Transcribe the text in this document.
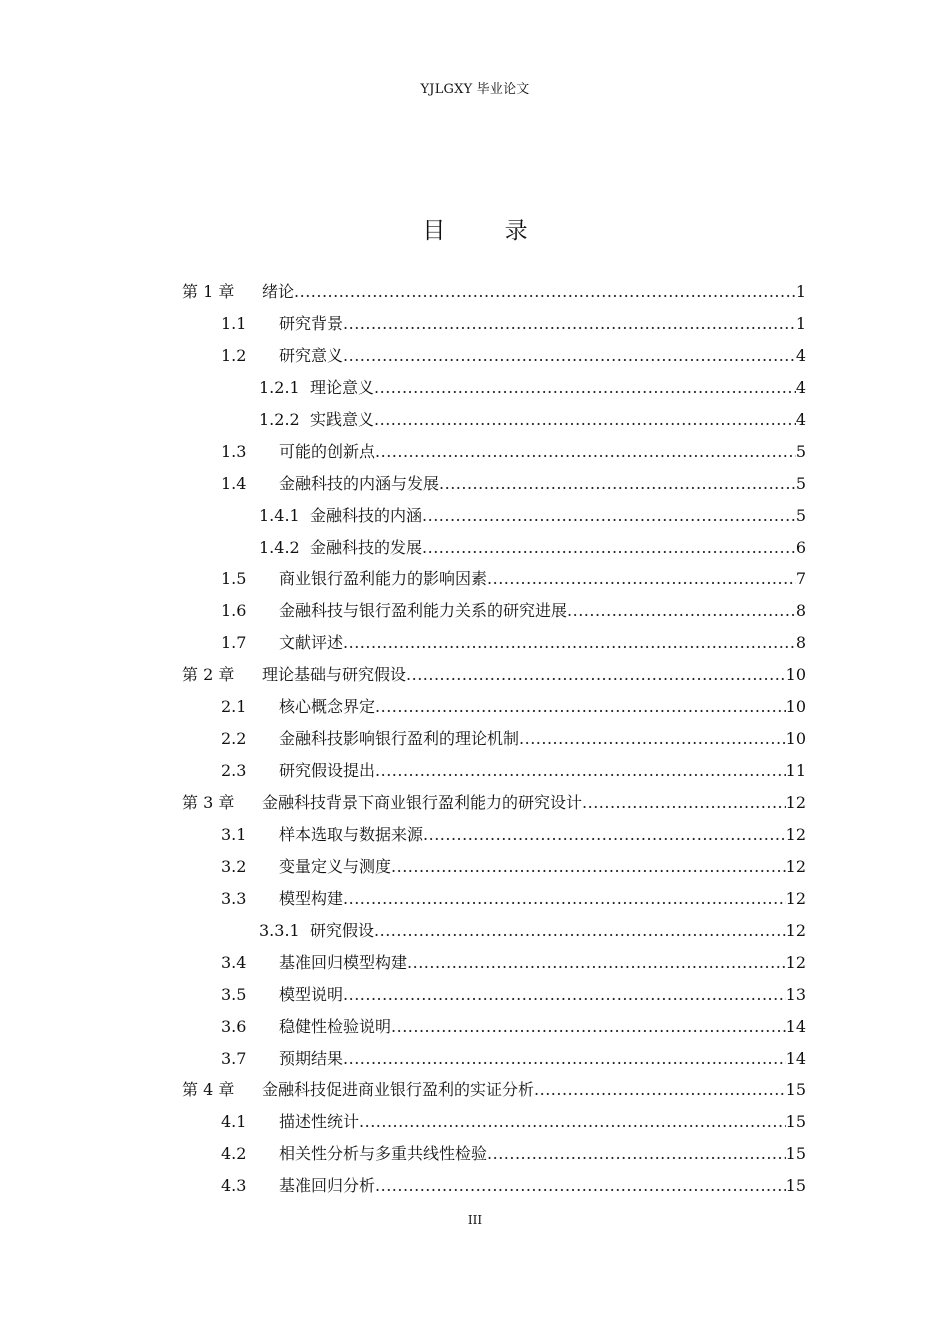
YJLGXY 毕业论文
目 录
第 1 章	绪论 .....	1
1.1	研究背景 .....	1
1.2	研究意义 .....	4
1.2.1 理论意义 .....	4
1.2.2 实践意义 .....	4
1.3	可能的创新点 .....	5
1.4	金融科技的内涵与发展 .....	5
1.4.1 金融科技的内涵 .....	5
1.4.2 金融科技的发展 .....	6
1.5	商业银行盈利能力的影响因素 .....	7
1.6	金融科技与银行盈利能力关系的研究进展 .....	8
1.7	文献评述 .....	8
第 2 章	理论基础与研究假设 .....	10
2.1	核心概念界定 .....	10
2.2	金融科技影响银行盈利的理论机制 .....	10
2.3	研究假设提出 .....	11
第 3 章	金融科技背景下商业银行盈利能力的研究设计 .....	12
3.1	样本选取与数据来源 .....	12
3.2	变量定义与测度 .....	12
3.3	模型构建 .....	12
3.3.1 研究假设 .....	12
3.4	基准回归模型构建 .....	12
3.5	模型说明 .....	13
3.6	稳健性检验说明 .....	14
3.7	预期结果 .....	14
第 4 章	金融科技促进商业银行盈利的实证分析 .....	15
4.1	描述性统计 .....	15
4.2	相关性分析与多重共线性检验 .....	15
4.3	基准回归分析 .....	15
III
